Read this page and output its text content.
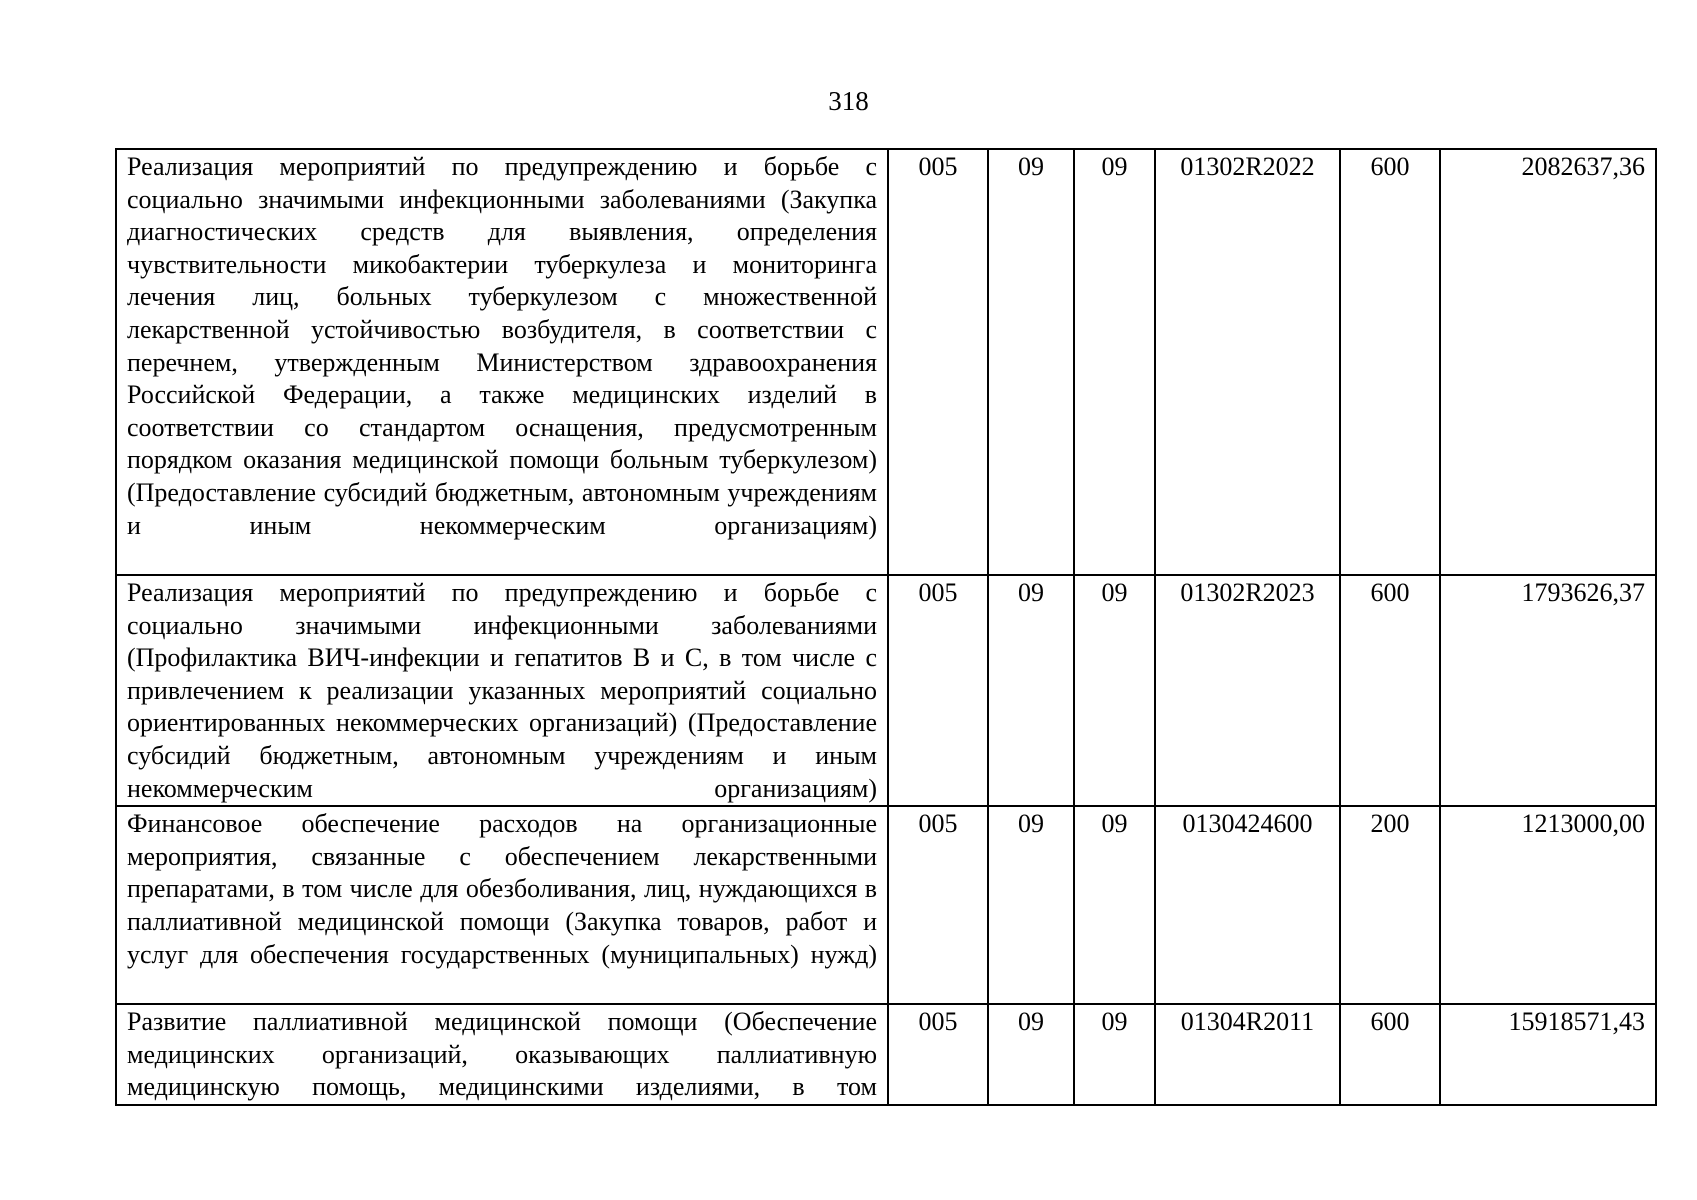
318
Реализация мероприятий по предупреждению и борьбе с социально значимыми инфекционными заболеваниями (Закупка диагностических средств для выявления, определения чувствительности микобактерии туберкулеза и мониторинга лечения лиц, больных туберкулезом с множественной лекарственной устойчивостью возбудителя, в соответствии с перечнем, утвержденным Министерством здравоохранения Российской Федерации, а также медицинских изделий в соответствии со стандартом оснащения, предусмотренным порядком оказания медицинской помощи больным туберкулезом) (Предоставление субсидий бюджетным, автономным учреждениям и иным некоммерческим организациям)	005	09	09	01302R2022	600	2082637,36
Реализация мероприятий по предупреждению и борьбе с социально значимыми инфекционными заболеваниями (Профилактика ВИЧ-инфекции и гепатитов В и С, в том числе с привлечением к реализации указанных мероприятий социально ориентированных некоммерческих организаций) (Предоставление субсидий бюджетным, автономным учреждениям и иным некоммерческим организациям)	005	09	09	01302R2023	600	1793626,37
Финансовое обеспечение расходов на организационные мероприятия, связанные с обеспечением лекарственными препаратами, в том числе для обезболивания, лиц, нуждающихся в паллиативной медицинской помощи (Закупка товаров, работ и услуг для обеспечения государственных (муниципальных) нужд)	005	09	09	0130424600	200	1213000,00
Развитие паллиативной медицинской помощи (Обеспечение медицинских организаций, оказывающих паллиативную медицинскую помощь, медицинскими изделиями, в том	005	09	09	01304R2011	600	15918571,43
